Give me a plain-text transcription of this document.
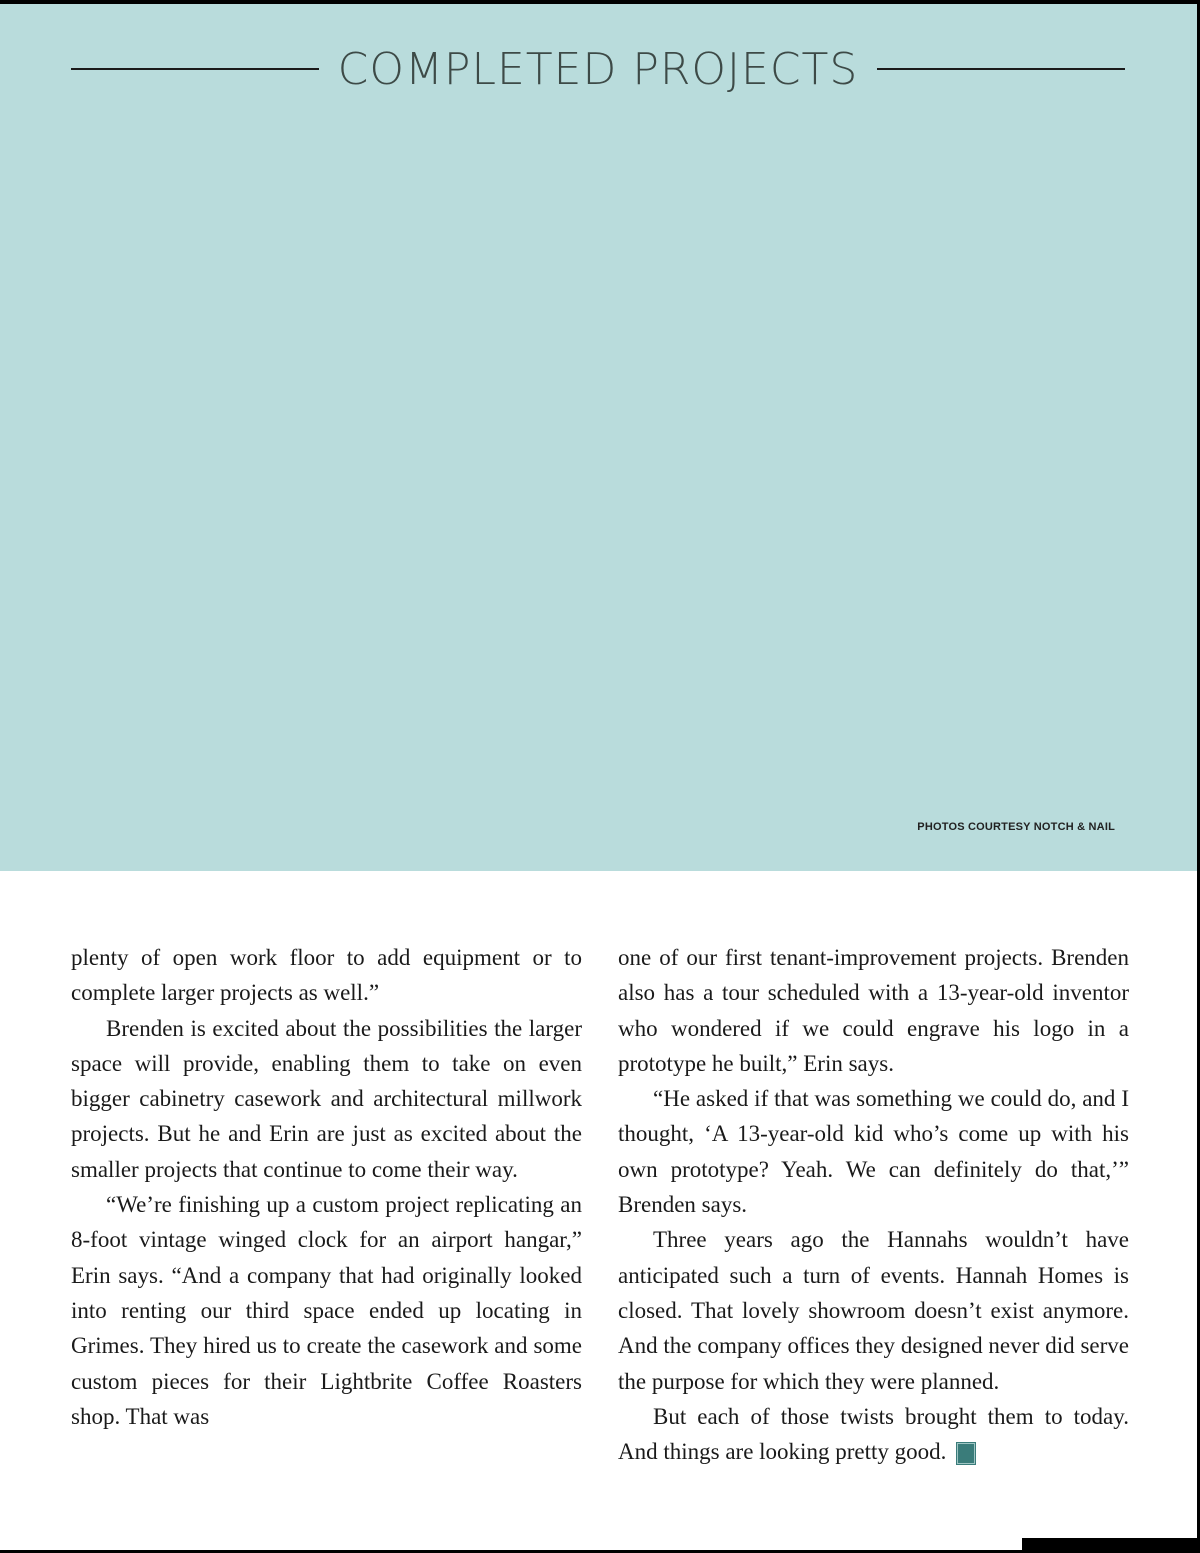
COMPLETED PROJECTS
PHOTOS COURTESY NOTCH & NAIL

plenty of open work floor to add equipment or to complete larger projects as well.”

Brenden is excited about the possibilities the larger space will provide, enabling them to take on even bigger cabinetry casework and architectural millwork projects. But he and Erin are just as excited about the smaller projects that continue to come their way.

“We’re finishing up a custom project replicating an 8-foot vintage winged clock for an airport hangar,” Erin says. “And a company that had originally looked into renting our third space ended up locating in Grimes. They hired us to create the casework and some custom pieces for their Lightbrite Coffee Roasters shop. That was

one of our first tenant-improvement projects. Brenden also has a tour scheduled with a 13-year-old inventor who wondered if we could engrave his logo in a prototype he built,” Erin says.

“He asked if that was something we could do, and I thought, ‘A 13-year-old kid who’s come up with his own prototype? Yeah. We can definitely do that,’” Brenden says.

Three years ago the Hannahs wouldn’t have anticipated such a turn of events. Hannah Homes is closed. That lovely showroom doesn’t exist anymore. And the company offices they designed never did serve the purpose for which they were planned.

But each of those twists brought them to today. And things are looking pretty good.	B
